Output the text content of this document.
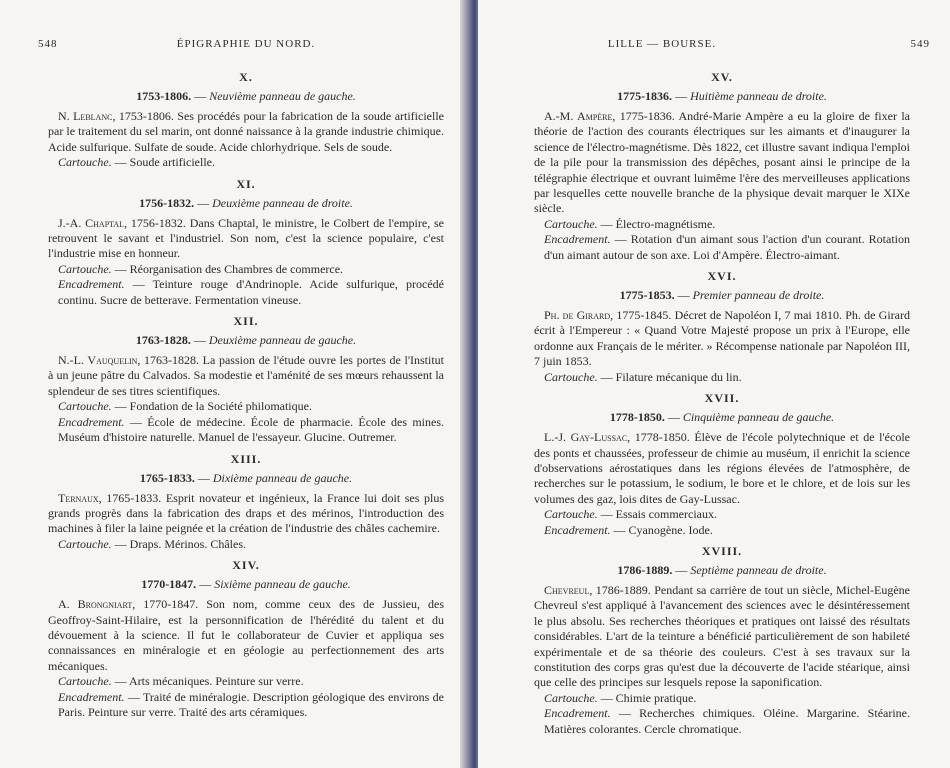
548	ÉPIGRAPHIE DU NORD.
X.
1753-1806. — Neuvième panneau de gauche.

N. Leblanc, 1753-1806. Ses procédés pour la fabrication de la soude artificielle par le traitement du sel marin, ont donné naissance à la grande industrie chimique. Acide sulfurique. Sulfate de soude. Acide chlorhydrique. Sels de soude.

Cartouche. — Soude artificielle.

XI.
1756-1832. — Deuxième panneau de droite.

J.-A. Chaptal, 1756-1832. Dans Chaptal, le ministre, le Colbert de l'empire, se retrouvent le savant et l'industriel. Son nom, c'est la science populaire, c'est l'industrie mise en honneur.

Cartouche. — Réorganisation des Chambres de commerce.

Encadrement. — Teinture rouge d'Andrinople. Acide sulfurique, procédé continu. Sucre de betterave. Fermentation vineuse.

XII.
1763-1828. — Deuxième panneau de gauche.

N.-L. Vauquelin, 1763-1828. La passion de l'étude ouvre les portes de l'Institut à un jeune pâtre du Calvados. Sa modestie et l'aménité de ses mœurs rehaussent la splendeur de ses titres scientifiques.

Cartouche. — Fondation de la Société philomatique.

Encadrement. — École de médecine. École de pharmacie. École des mines. Muséum d'histoire naturelle. Manuel de l'essayeur. Glucine. Outremer.

XIII.
1765-1833. — Dixième panneau de gauche.

Ternaux, 1765-1833. Esprit novateur et ingénieux, la France lui doit ses plus grands progrès dans la fabrication des draps et des mérinos, l'introduction des machines à filer la laine peignée et la création de l'industrie des châles cachemire.

Cartouche. — Draps. Mérinos. Châles.

XIV.
1770-1847. — Sixième panneau de gauche.

A. Brongniart, 1770-1847. Son nom, comme ceux des de Jussieu, des Geoffroy-Saint-Hilaire, est la personnification de l'hérédité du talent et du dévouement à la science. Il fut le collaborateur de Cuvier et appliqua ses connaissances en minéralogie et en géologie au perfectionnement des arts mécaniques.

Cartouche. — Arts mécaniques. Peinture sur verre.

Encadrement. — Traité de minéralogie. Description géologique des environs de Paris. Peinture sur verre. Traité des arts céramiques.

LILLE — BOURSE.	549
XV.
1775-1836. — Huitième panneau de droite.

A.-M. Ampère, 1775-1836. André-Marie Ampère a eu la gloire de fixer la théorie de l'action des courants électriques sur les aimants et d'inaugurer la science de l'électro-magnétisme. Dès 1822, cet illustre savant indiqua l'emploi de la pile pour la transmission des dépêches, posant ainsi le principe de la télégraphie électrique et ouvrant luimême l'ère des merveilleuses applications par lesquelles cette nouvelle branche de la physique devait marquer le XIXe siècle.

Cartouche. — Électro-magnétisme.

Encadrement. — Rotation d'un aimant sous l'action d'un courant. Rotation d'un aimant autour de son axe. Loi d'Ampère. Électro-aimant.

XVI.
1775-1853. — Premier panneau de droite.

Ph. de Girard, 1775-1845. Décret de Napoléon I, 7 mai 1810. Ph. de Girard écrit à l'Empereur : « Quand Votre Majesté propose un prix à l'Europe, elle ordonne aux Français de le mériter. » Récompense nationale par Napoléon III, 7 juin 1853.

Cartouche. — Filature mécanique du lin.

XVII.
1778-1850. — Cinquième panneau de gauche.

L.-J. Gay-Lussac, 1778-1850. Élève de l'école polytechnique et de l'école des ponts et chaussées, professeur de chimie au muséum, il enrichit la science d'observations aérostatiques dans les régions élevées de l'atmosphère, de recherches sur le potassium, le sodium, le bore et le chlore, et de lois sur les volumes des gaz, lois dites de Gay-Lussac.

Cartouche. — Essais commerciaux.

Encadrement. — Cyanogène. Iode.

XVIII.
1786-1889. — Septième panneau de droite.

Chevreul, 1786-1889. Pendant sa carrière de tout un siècle, Michel-Eugène Chevreul s'est appliqué à l'avancement des sciences avec le désintéressement le plus absolu. Ses recherches théoriques et pratiques ont laissé des résultats considérables. L'art de la teinture a bénéficié particulièrement de son habileté expérimentale et de sa théorie des couleurs. C'est à ses travaux sur la constitution des corps gras qu'est due la découverte de l'acide stéarique, ainsi que celle des principes sur lesquels repose la saponification.

Cartouche. — Chimie pratique.

Encadrement. — Recherches chimiques. Oléine. Margarine. Stéarine. Matières colorantes. Cercle chromatique.
